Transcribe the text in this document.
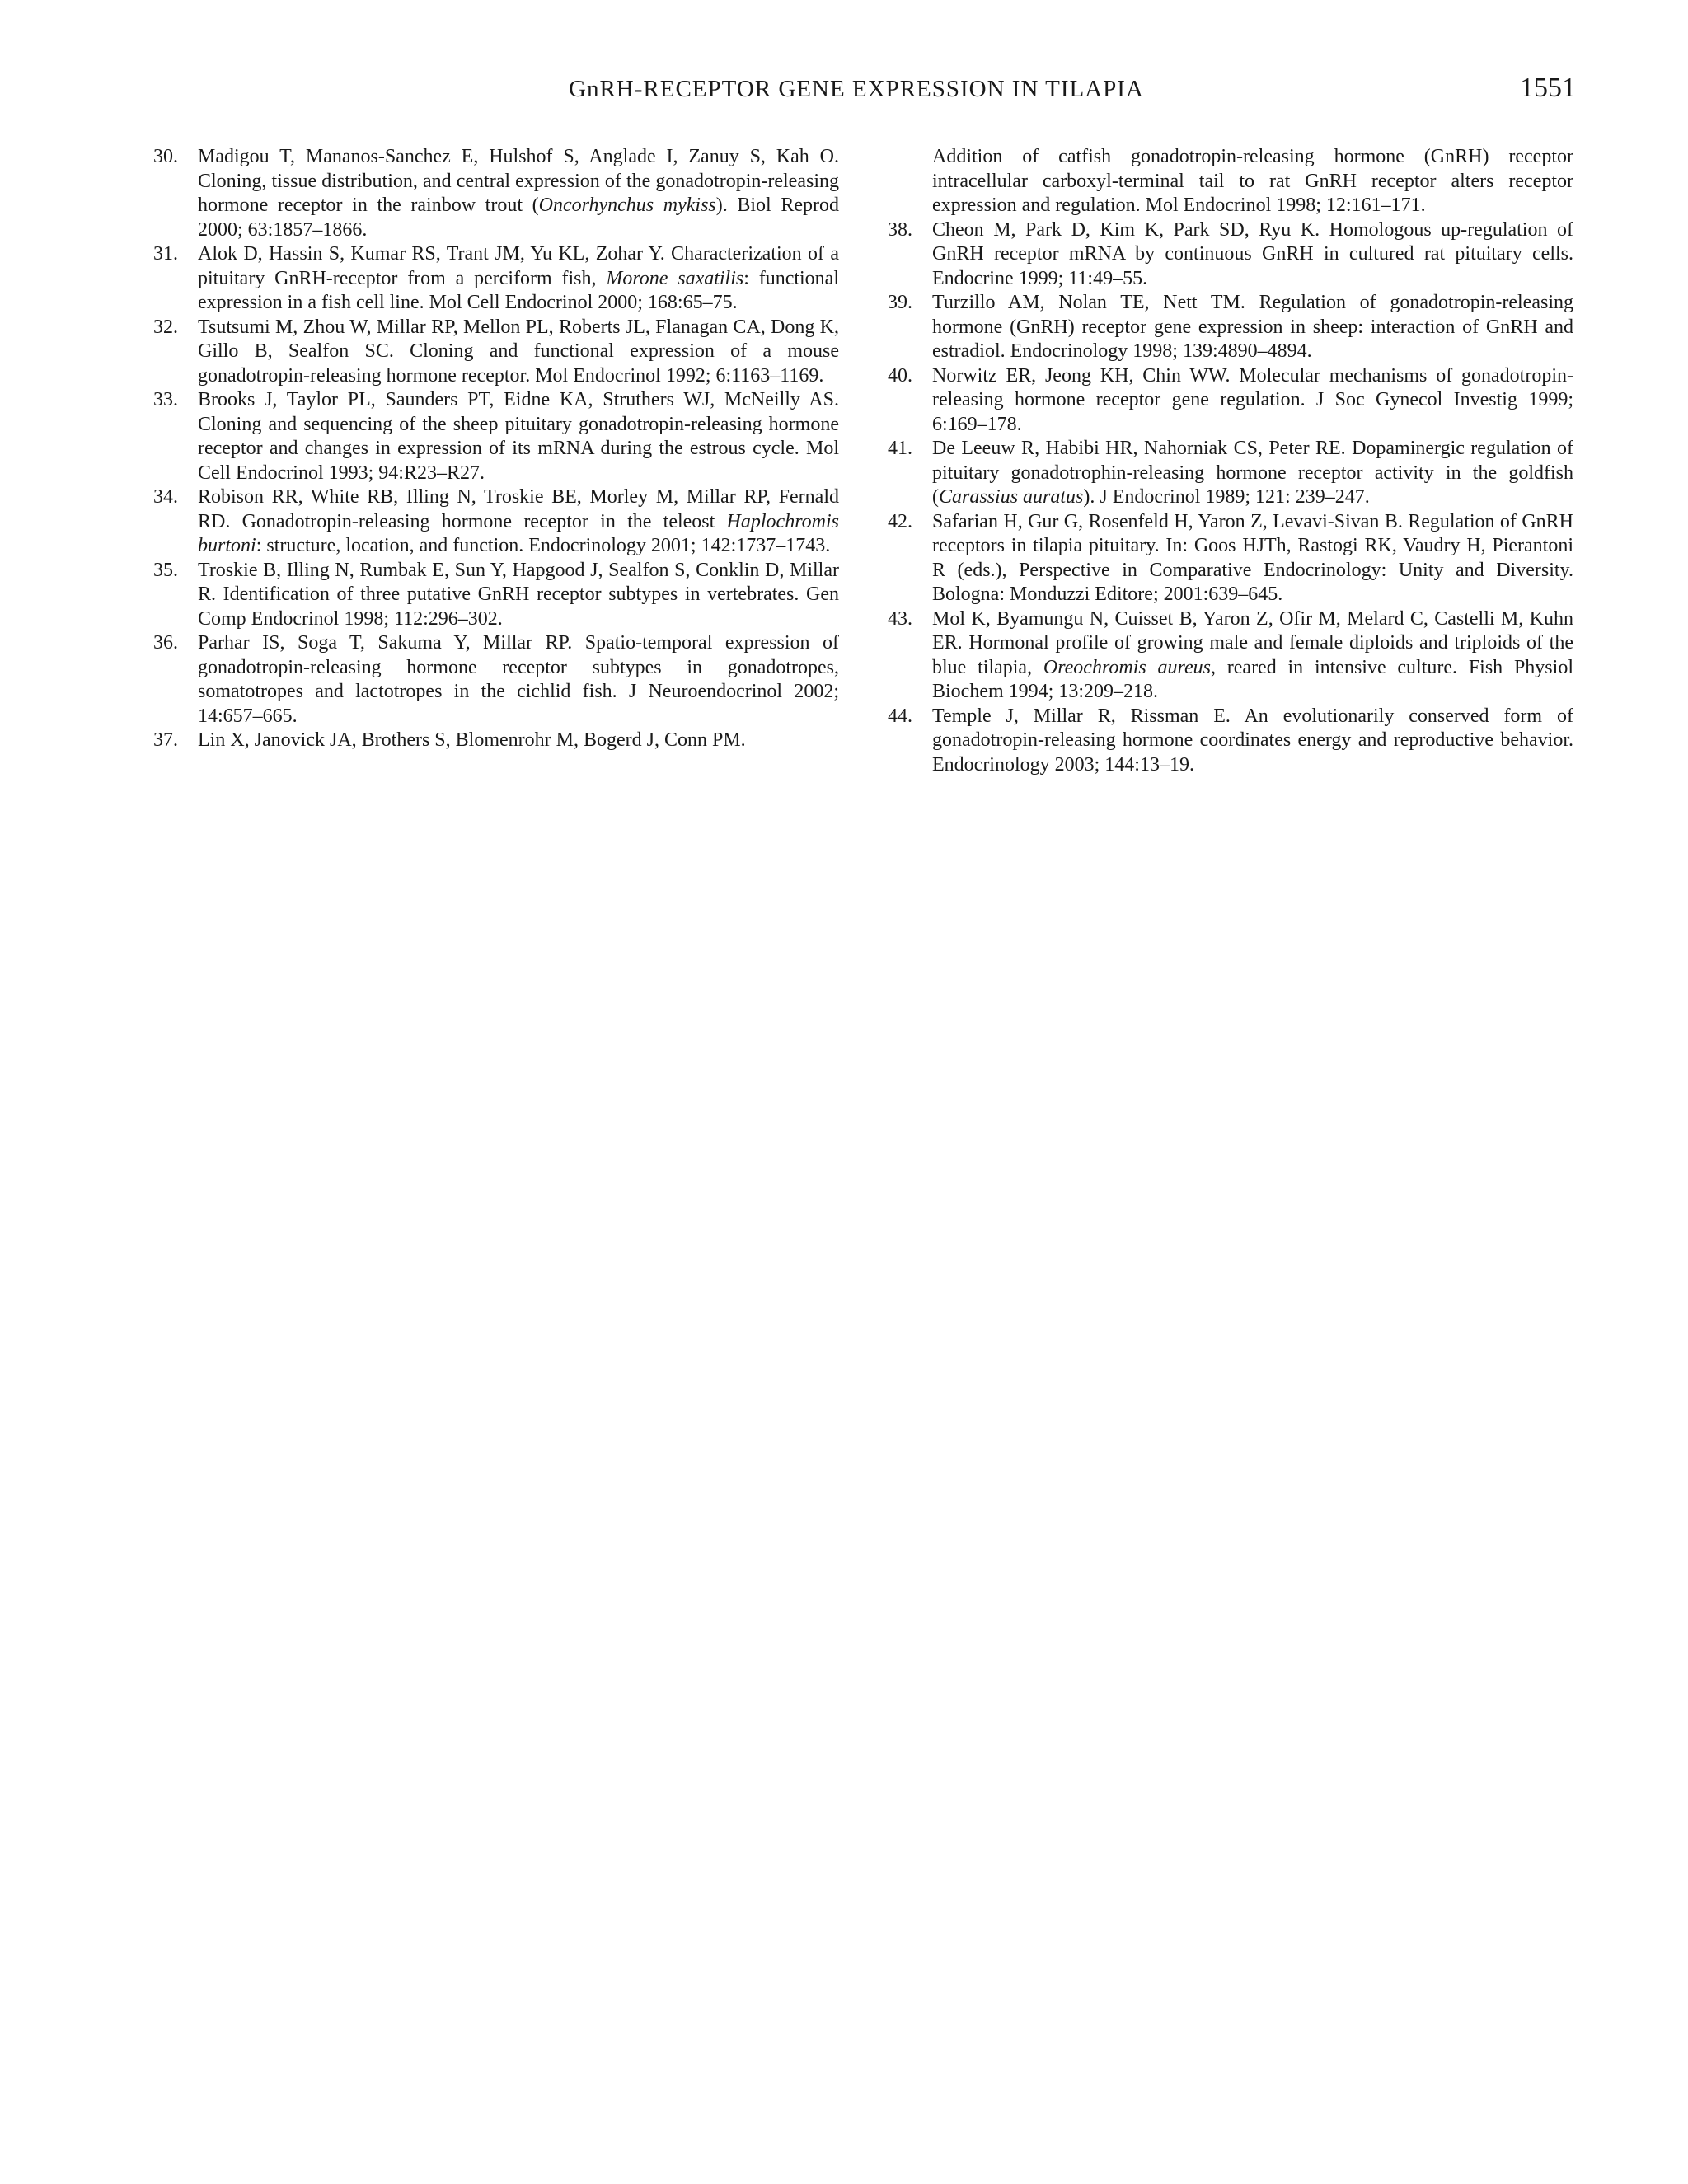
GnRH-RECEPTOR GENE EXPRESSION IN TILAPIA	1551

30.	Madigou T, Mananos-Sanchez E, Hulshof S, Anglade I, Zanuy S, Kah O. Cloning, tissue distribution, and central expression of the gonadotropin-releasing hormone receptor in the rainbow trout (Oncorhynchus mykiss). Biol Reprod 2000; 63:1857–1866.

31.	Alok D, Hassin S, Kumar RS, Trant JM, Yu KL, Zohar Y. Characterization of a pituitary GnRH-receptor from a perciform fish, Morone saxatilis: functional expression in a fish cell line. Mol Cell Endocrinol 2000; 168:65–75.

32.	Tsutsumi M, Zhou W, Millar RP, Mellon PL, Roberts JL, Flanagan CA, Dong K, Gillo B, Sealfon SC. Cloning and functional expression of a mouse gonadotropin-releasing hormone receptor. Mol Endocrinol 1992; 6:1163–1169.

33.	Brooks J, Taylor PL, Saunders PT, Eidne KA, Struthers WJ, McNeilly AS. Cloning and sequencing of the sheep pituitary gonadotropin-releasing hormone receptor and changes in expression of its mRNA during the estrous cycle. Mol Cell Endocrinol 1993; 94:R23–R27.

34.	Robison RR, White RB, Illing N, Troskie BE, Morley M, Millar RP, Fernald RD. Gonadotropin-releasing hormone receptor in the teleost Haplochromis burtoni: structure, location, and function. Endocrinology 2001; 142:1737–1743.

35.	Troskie B, Illing N, Rumbak E, Sun Y, Hapgood J, Sealfon S, Conklin D, Millar R. Identification of three putative GnRH receptor subtypes in vertebrates. Gen Comp Endocrinol 1998; 112:296–302.

36.	Parhar IS, Soga T, Sakuma Y, Millar RP. Spatio-temporal expression of gonadotropin-releasing hormone receptor subtypes in gonadotropes, somatotropes and lactotropes in the cichlid fish. J Neuroendocrinol 2002; 14:657–665.

37.	Lin X, Janovick JA, Brothers S, Blomenrohr M, Bogerd J, Conn PM.

Addition of catfish gonadotropin-releasing hormone (GnRH) receptor intracellular carboxyl-terminal tail to rat GnRH receptor alters receptor expression and regulation. Mol Endocrinol 1998; 12:161–171.

38.	Cheon M, Park D, Kim K, Park SD, Ryu K. Homologous up-regulation of GnRH receptor mRNA by continuous GnRH in cultured rat pituitary cells. Endocrine 1999; 11:49–55.

39.	Turzillo AM, Nolan TE, Nett TM. Regulation of gonadotropin-releasing hormone (GnRH) receptor gene expression in sheep: interaction of GnRH and estradiol. Endocrinology 1998; 139:4890–4894.

40.	Norwitz ER, Jeong KH, Chin WW. Molecular mechanisms of gonadotropin-releasing hormone receptor gene regulation. J Soc Gynecol Investig 1999; 6:169–178.

41.	De Leeuw R, Habibi HR, Nahorniak CS, Peter RE. Dopaminergic regulation of pituitary gonadotrophin-releasing hormone receptor activity in the goldfish (Carassius auratus). J Endocrinol 1989; 121: 239–247.

42.	Safarian H, Gur G, Rosenfeld H, Yaron Z, Levavi-Sivan B. Regulation of GnRH receptors in tilapia pituitary. In: Goos HJTh, Rastogi RK, Vaudry H, Pierantoni R (eds.), Perspective in Comparative Endocrinology: Unity and Diversity. Bologna: Monduzzi Editore; 2001:639–645.

43.	Mol K, Byamungu N, Cuisset B, Yaron Z, Ofir M, Melard C, Castelli M, Kuhn ER. Hormonal profile of growing male and female diploids and triploids of the blue tilapia, Oreochromis aureus, reared in intensive culture. Fish Physiol Biochem 1994; 13:209–218.

44.	Temple J, Millar R, Rissman E. An evolutionarily conserved form of gonadotropin-releasing hormone coordinates energy and reproductive behavior. Endocrinology 2003; 144:13–19.
